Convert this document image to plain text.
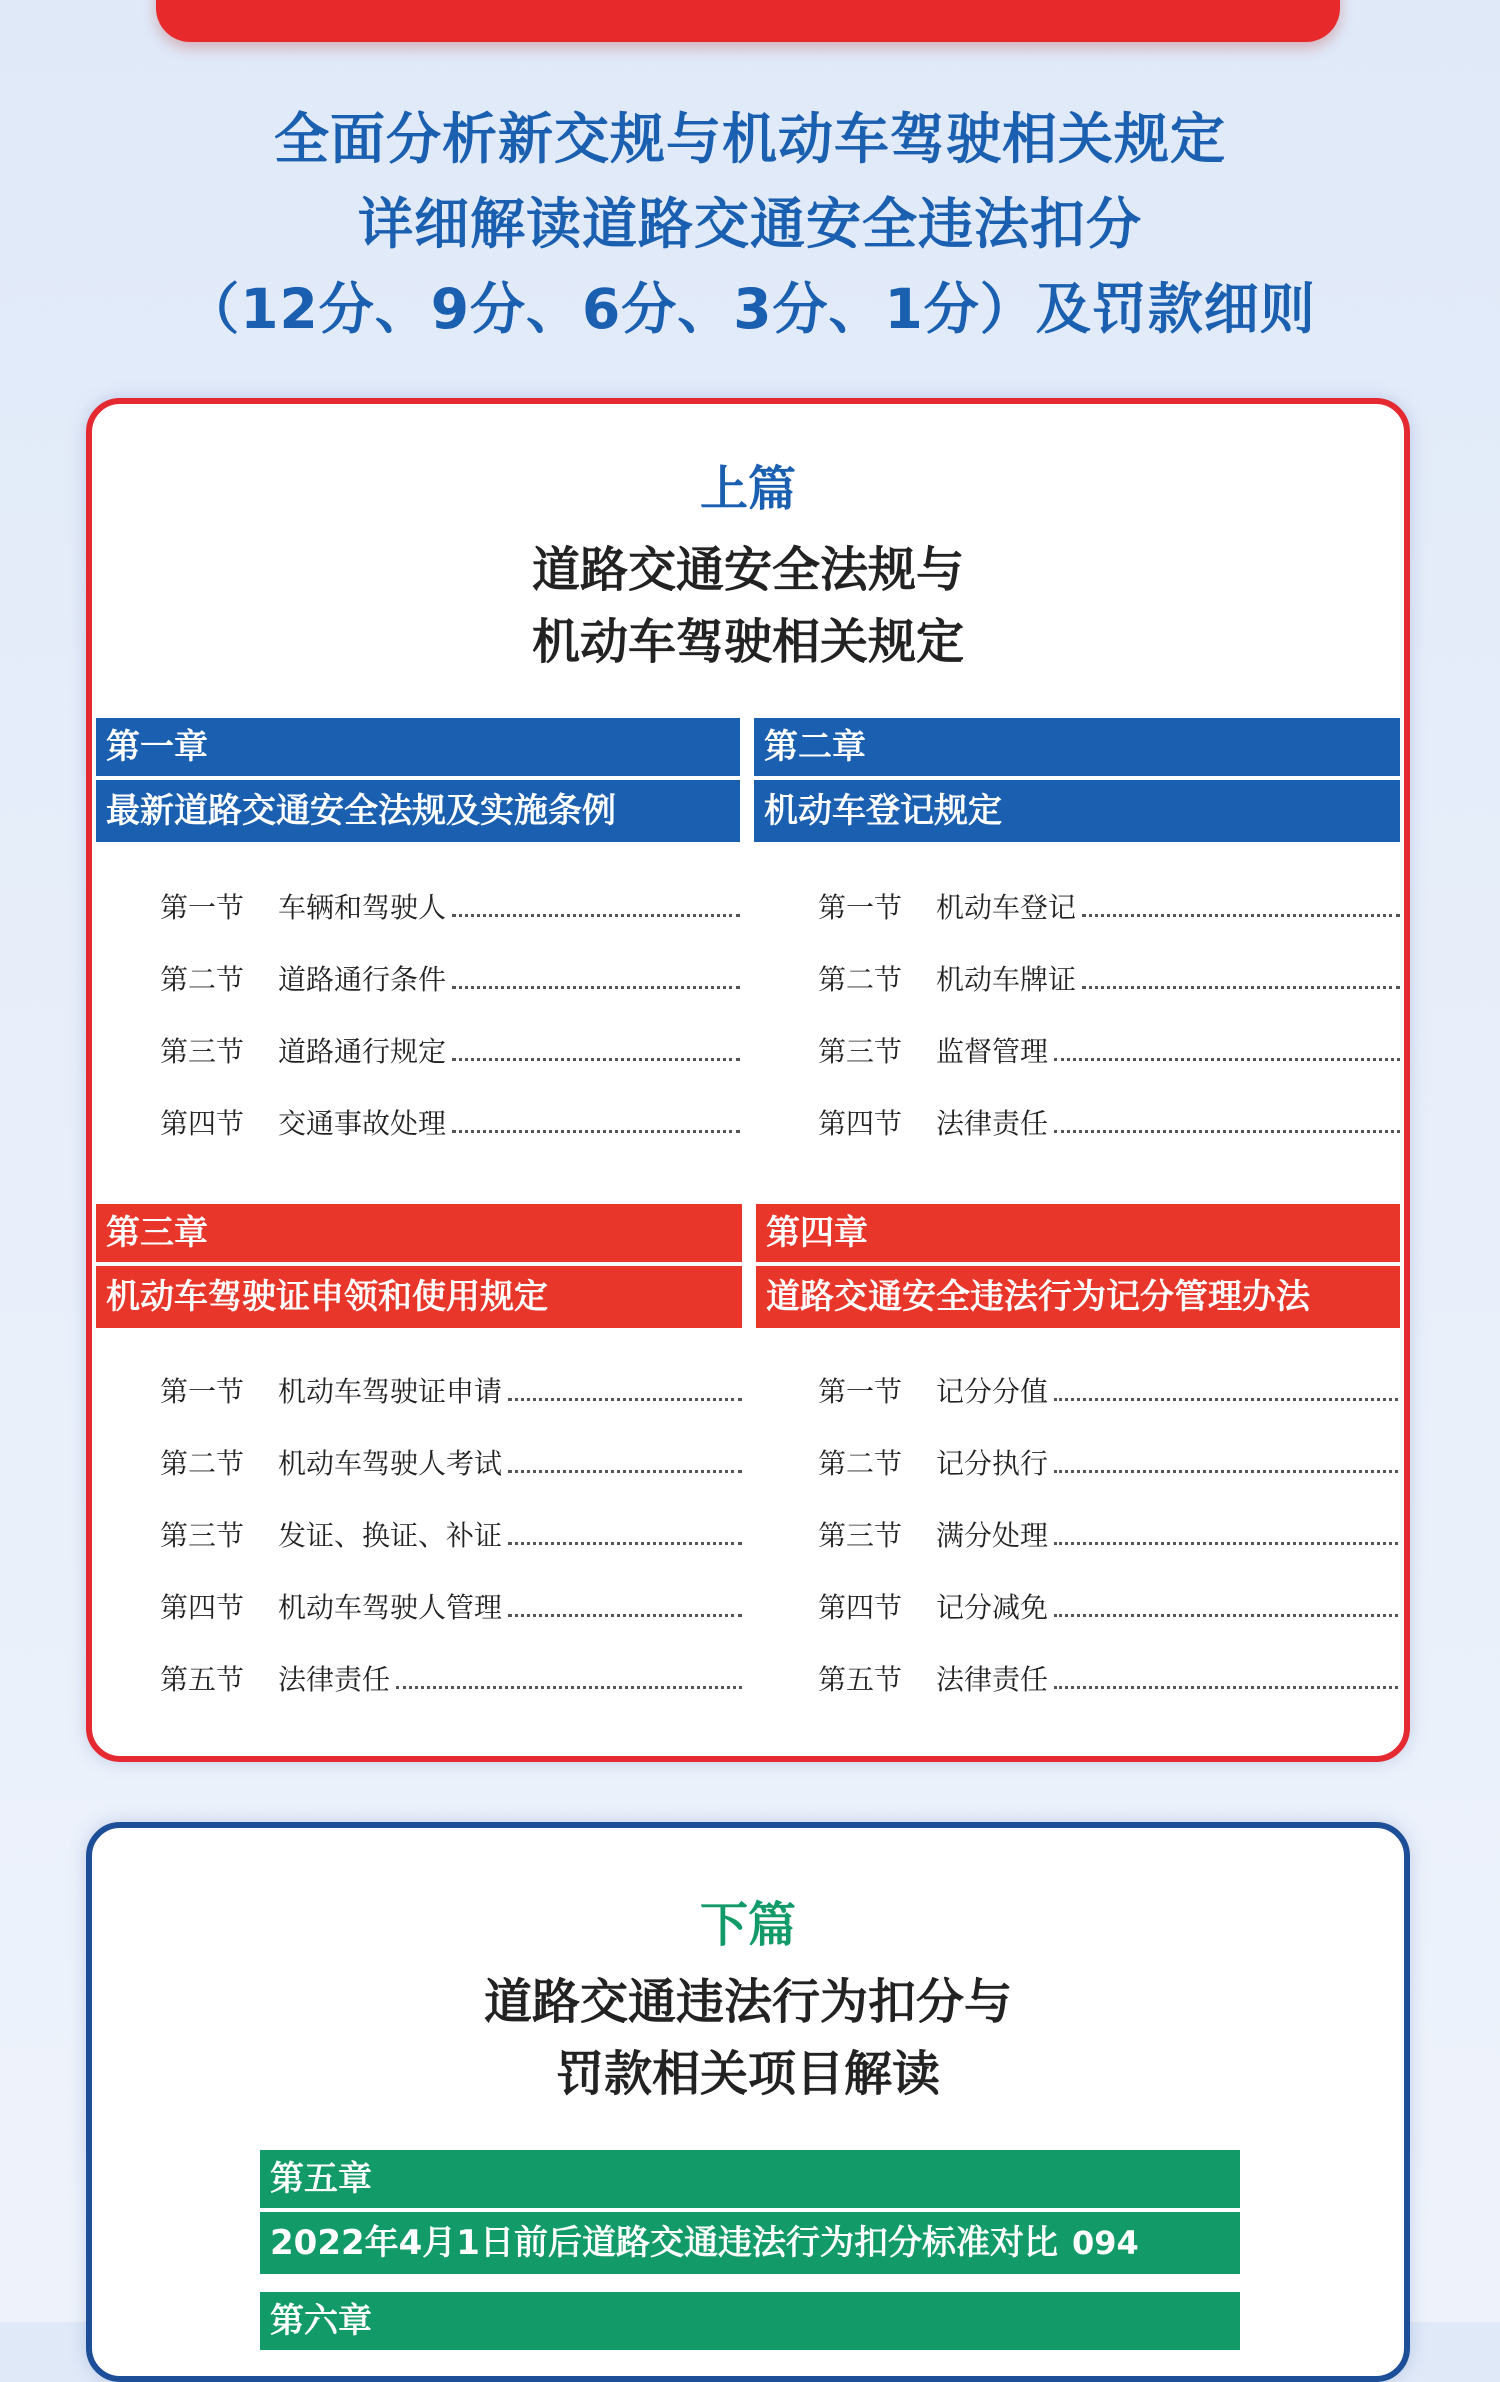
全面分析新交规与机动车驾驶相关规定
详细解读道路交通安全违法扣分
（12分、9分、6分、3分、1分）及罚款细则
上篇
道路交通安全法规与
机动车驾驶相关规定
第一章
最新道路交通安全法规及实施条例
第一节	车辆和驾驶人
第二节	道路通行条件
第三节	道路通行规定
第四节	交通事故处理
第二章
机动车登记规定
第一节	机动车登记
第二节	机动车牌证
第三节	监督管理
第四节	法律责任
第三章
机动车驾驶证申领和使用规定
第一节	机动车驾驶证申请
第二节	机动车驾驶人考试
第三节	发证、换证、补证
第四节	机动车驾驶人管理
第五节	法律责任
第四章
道路交通安全违法行为记分管理办法
第一节	记分分值
第二节	记分执行
第三节	满分处理
第四节	记分减免
第五节	法律责任
下篇
道路交通违法行为扣分与
罚款相关项目解读
第五章
2022年4月1日前后道路交通违法行为扣分标准对比 094
第六章
